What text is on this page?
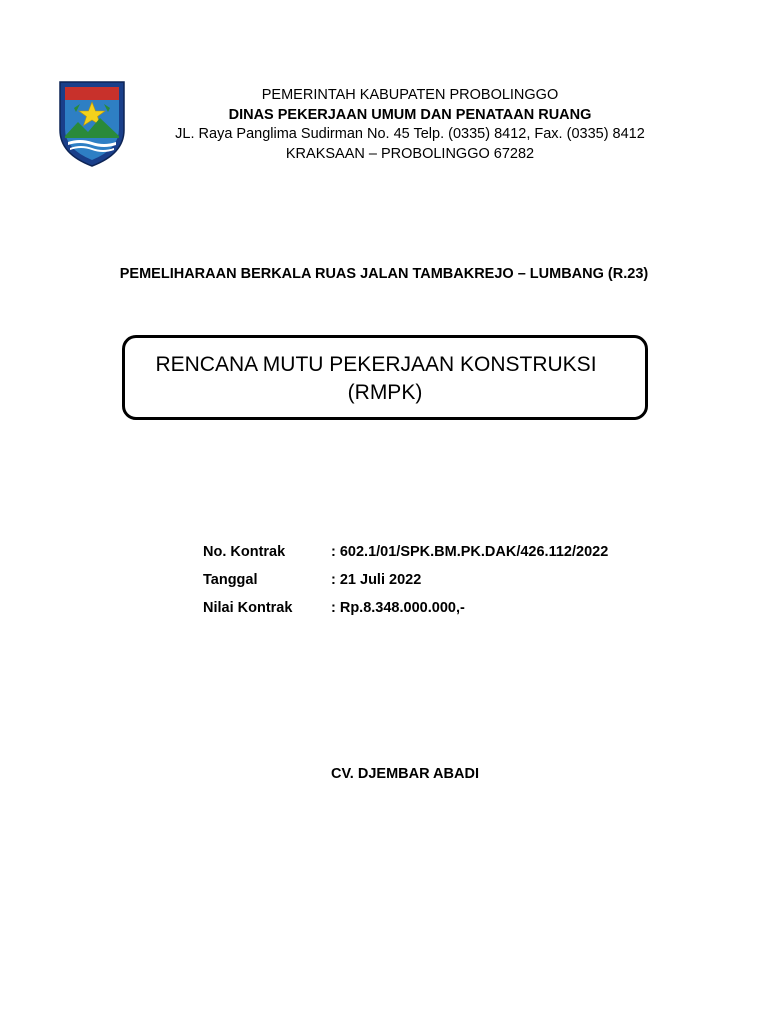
PEMERINTAH KABUPATEN PROBOLINGGO
DINAS PEKERJAAN UMUM DAN PENATAAN RUANG
JL. Raya Panglima Sudirman No. 45 Telp. (0335) 8412, Fax. (0335) 8412
KRAKSAAN – PROBOLINGGO 67282
PEMELIHARAAN BERKALA RUAS JALAN TAMBAKREJO – LUMBANG (R.23)
RENCANA MUTU PEKERJAAN KONSTRUKSI
(RMPK)
No. Kontrak	: 602.1/01/SPK.BM.PK.DAK/426.112/2022
Tanggal	: 21 Juli 2022
Nilai Kontrak	: Rp.8.348.000.000,-
CV. DJEMBAR ABADI
